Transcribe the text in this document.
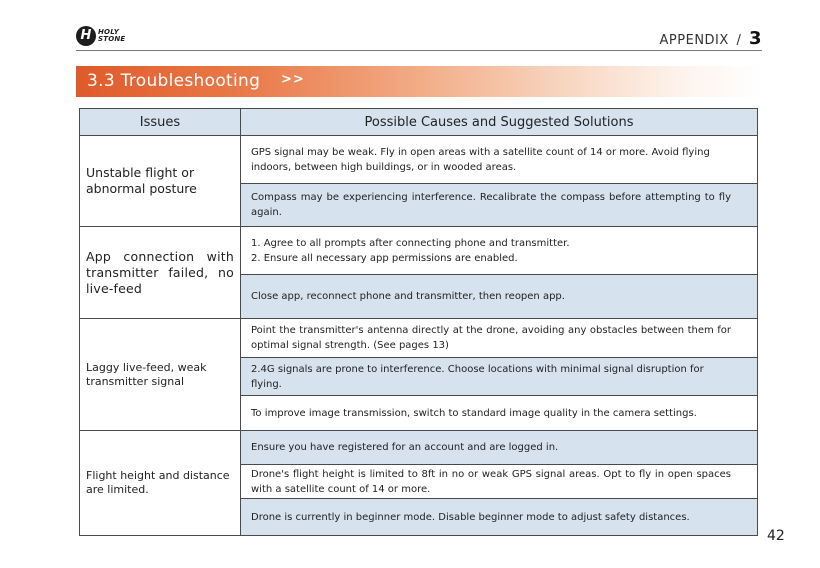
H HOLY
STONE	APPENDIX / 3
3.3 Troubleshooting >>
Issues	Possible Causes and Suggested Solutions

Unstable flight or abnormal posture	GPS signal may be weak. Fly in open areas with a satellite count of 14 or more. Avoid flying indoors, between high buildings, or in wooded areas.
	Compass may be experiencing interference. Recalibrate the compass before attempting to fly again.

App connection with transmitter failed, no live-feed	1. Agree to all prompts after connecting phone and transmitter.
2. Ensure all necessary app permissions are enabled.

	Close app, reconnect phone and transmitter, then reopen app.

Laggy live-feed, weak transmitter signal	Point the transmitter's antenna directly at the drone, avoiding any obstacles between them for optimal signal strength. (See pages 13)
	2.4G signals are prone to interference. Choose locations with minimal signal disruption for flying.
	To improve image transmission, switch to standard image quality in the camera settings.

Flight height and distance are limited.	Ensure you have registered for an account and are logged in.
	Drone's flight height is limited to 8ft in no or weak GPS signal areas. Opt to fly in open spaces with a satellite count of 14 or more.
	Drone is currently in beginner mode. Disable beginner mode to adjust safety distances.
42
